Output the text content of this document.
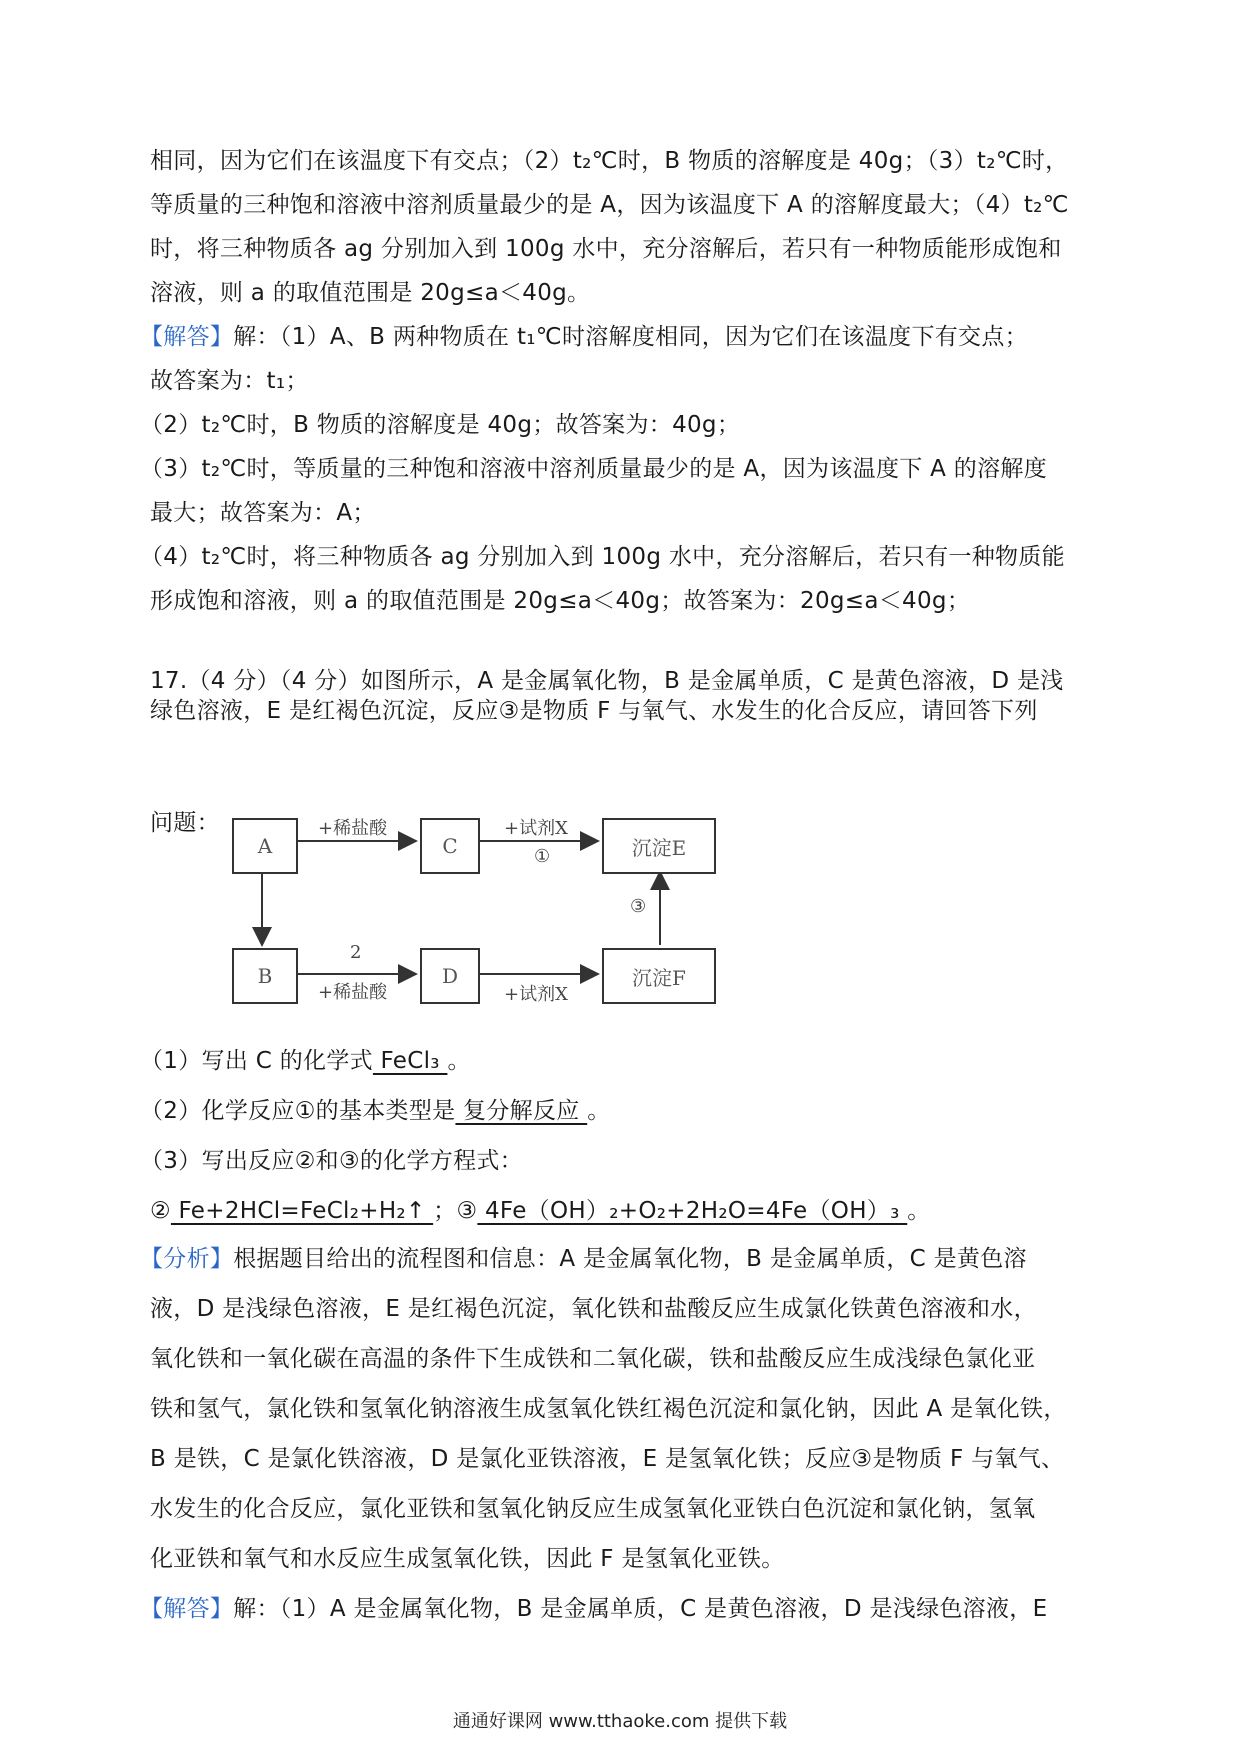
相同，因为它们在该温度下有交点；（2）t₂℃时，B 物质的溶解度是 40g；（3）t₂℃时，
等质量的三种饱和溶液中溶剂质量最少的是 A，因为该温度下 A 的溶解度最大；（4）t₂℃
时，将三种物质各 ag 分别加入到 100g 水中，充分溶解后，若只有一种物质能形成饱和
溶液，则 a 的取值范围是 20g≤a＜40g。
【解答】解：（1）A、B 两种物质在 t₁℃时溶解度相同，因为它们在该温度下有交点；
故答案为：t₁；
（2）t₂℃时，B 物质的溶解度是 40g；故答案为：40g；
（3）t₂℃时，等质量的三种饱和溶液中溶剂质量最少的是 A，因为该温度下 A 的溶解度
最大；故答案为：A；
（4）t₂℃时，将三种物质各 ag 分别加入到 100g 水中，充分溶解后，若只有一种物质能
形成饱和溶液，则 a 的取值范围是 20g≤a＜40g；故答案为：20g≤a＜40g；
17.（4 分）（4 分）如图所示，A 是金属氧化物，B 是金属单质，C 是黄色溶液，D 是浅
绿色溶液，E 是红褐色沉淀，反应③是物质 F 与氧气、水发生的化合反应，请回答下列
问题：
A	C	沉淀E
B	D	沉淀F
+稀盐酸	+试剂X
①
③
2
+稀盐酸	+试剂X
（1）写出 C 的化学式 FeCl₃ 。
（2）化学反应①的基本类型是 复分解反应 。
（3）写出反应②和③的化学方程式：
② Fe+2HCl=FeCl₂+H₂↑ ；③ 4Fe（OH）₂+O₂+2H₂O=4Fe（OH）₃ 。
【分析】根据题目给出的流程图和信息：A 是金属氧化物，B 是金属单质，C 是黄色溶
液，D 是浅绿色溶液，E 是红褐色沉淀，氧化铁和盐酸反应生成氯化铁黄色溶液和水，
氧化铁和一氧化碳在高温的条件下生成铁和二氧化碳，铁和盐酸反应生成浅绿色氯化亚
铁和氢气，氯化铁和氢氧化钠溶液生成氢氧化铁红褐色沉淀和氯化钠，因此 A 是氧化铁，
B 是铁，C 是氯化铁溶液，D 是氯化亚铁溶液，E 是氢氧化铁；反应③是物质 F 与氧气、
水发生的化合反应，氯化亚铁和氢氧化钠反应生成氢氧化亚铁白色沉淀和氯化钠，氢氧
化亚铁和氧气和水反应生成氢氧化铁，因此 F 是氢氧化亚铁。
【解答】解：（1）A 是金属氧化物，B 是金属单质，C 是黄色溶液，D 是浅绿色溶液，E
通通好课网 www.tthaoke.com 提供下载
